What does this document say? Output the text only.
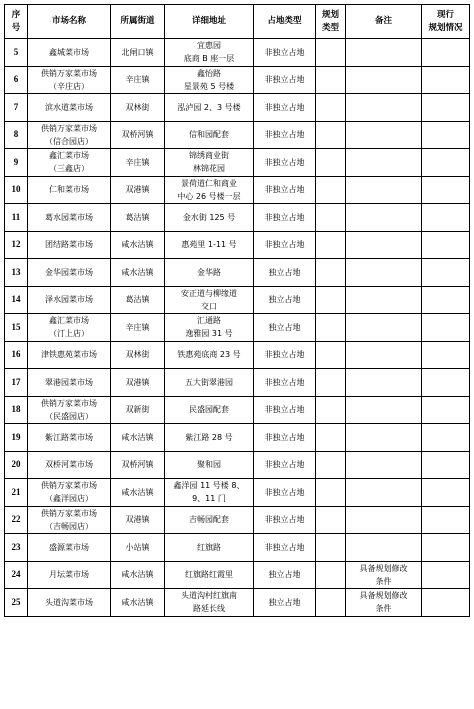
序
号	市场名称	所属街道	详细地址	占地类型	规划
类型	备注	现行
规划情况
5	鑫城菜市场	北闸口镇	宜惠园
底商 B 座一层	非独立占地			
6	供销万家菜市场
（辛庄店）	辛庄镇	鑫怡路
星景苑 5 号楼	非独立占地			
7	滨水道菜市场	双林街	泓泸园 2、3 号楼	非独立占地			
8	供销万家菜市场
（信合园店）	双桥河镇	信和园配套	非独立占地			
9	鑫汇菜市场
（三鑫店）	辛庄镇	锦绣商业街
林锦花园	非独立占地			
10	仁和菜市场	双港镇	景荷道仁和商业
中心 26 号楼一层	非独立占地			
11	葛水园菜市场	葛沽镇	金水街 125 号	非独立占地			
12	团结路菜市场	咸水沽镇	惠苑里 1-11 号	非独立占地			
13	金华园菜市场	咸水沽镇	金华路	独立占地			
14	泽水园菜市场	葛沽镇	安正道与柳缘道
交口	独立占地			
15	鑫汇菜市场
（汀上店）	辛庄镇	汇通路
逸雅园 31 号	独立占地			
16	津铁惠苑菜市场	双林街	铁惠苑底商 23 号	非独立占地			
17	翠港园菜市场	双港镇	五大街翠港园	非独立占地			
18	供销万家菜市场
（民盛园店）	双新街	民盛园配套	非独立占地			
19	紫江路菜市场	咸水沽镇	紫江路 28 号	非独立占地			
20	双桥河菜市场	双桥河镇	聚和园	非独立占地			
21	供销万家菜市场
（鑫洋园店）	咸水沽镇	鑫洋园 11 号楼 8、
9、11 门	非独立占地			
22	供销万家菜市场
（吉畅园店）	双港镇	吉畅园配套	非独立占地			
23	盛源菜市场	小站镇	红旗路	非独立占地			
24	月坛菜市场	咸水沽镇	红旗路红霞里	独立占地		具备规划修改
条件	
25	头道沟菜市场	咸水沽镇	头道沟村红旗南
路延长线	独立占地		具备规划修改
条件	
